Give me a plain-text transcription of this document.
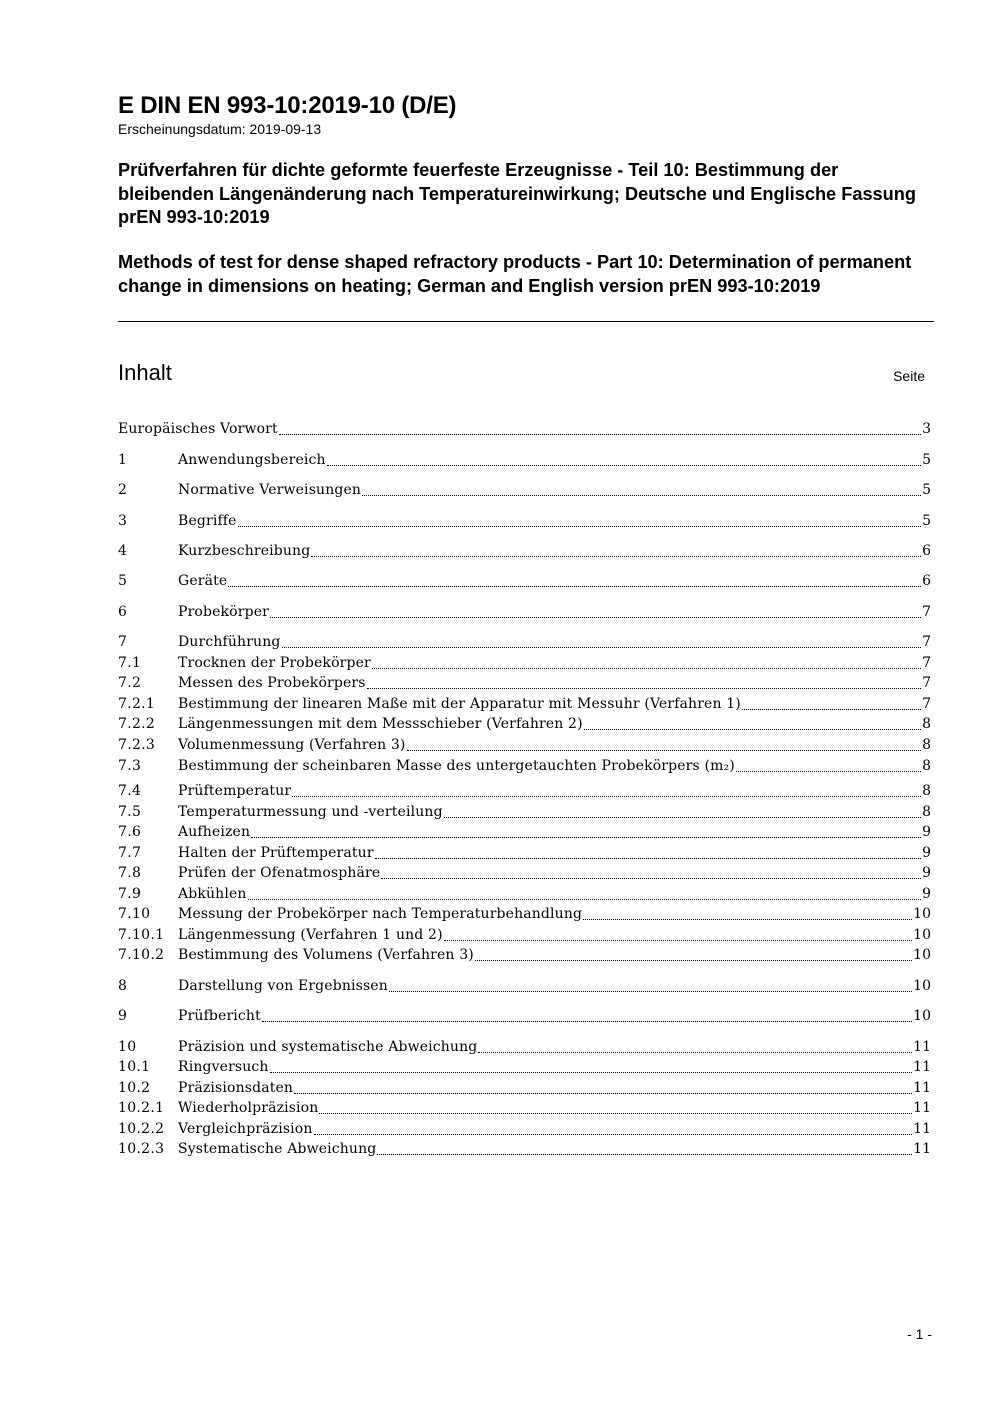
E DIN EN 993-10:2019-10 (D/E)
Erscheinungsdatum: 2019-09-13
Prüfverfahren für dichte geformte feuerfeste Erzeugnisse - Teil 10: Bestimmung der bleibenden Längenänderung nach Temperatureinwirkung; Deutsche und Englische Fassung prEN 993-10:2019
Methods of test for dense shaped refractory products - Part 10: Determination of permanent change in dimensions on heating; German and English version prEN 993-10:2019
Inhalt	Seite
Europäisches Vorwort	3
1	Anwendungsbereich	5
2	Normative Verweisungen	5
3	Begriffe	5
4	Kurzbeschreibung	6
5	Geräte	6
6	Probekörper	7
7	Durchführung	7
7.1	Trocknen der Probekörper	7
7.2	Messen des Probekörpers	7
7.2.1	Bestimmung der linearen Maße mit der Apparatur mit Messuhr (Verfahren 1)	7
7.2.2	Längenmessungen mit dem Messschieber (Verfahren 2)	8
7.2.3	Volumenmessung (Verfahren 3)	8
7.3	Bestimmung der scheinbaren Masse des untergetauchten Probekörpers (m₂)	8
7.4	Prüftemperatur	8
7.5	Temperaturmessung und -verteilung	8
7.6	Aufheizen	9
7.7	Halten der Prüftemperatur	9
7.8	Prüfen der Ofenatmosphäre	9
7.9	Abkühlen	9
7.10	Messung der Probekörper nach Temperaturbehandlung	10
7.10.1 Längenmessung (Verfahren 1 und 2)	10
7.10.2 Bestimmung des Volumens (Verfahren 3)	10
8	Darstellung von Ergebnissen	10
9	Prüfbericht	10
10	Präzision und systematische Abweichung	11
10.1	Ringversuch	11
10.2	Präzisionsdaten	11
10.2.1 Wiederholpräzision	11
10.2.2 Vergleichpräzision	11
10.2.3 Systematische Abweichung	11
- 1 -
